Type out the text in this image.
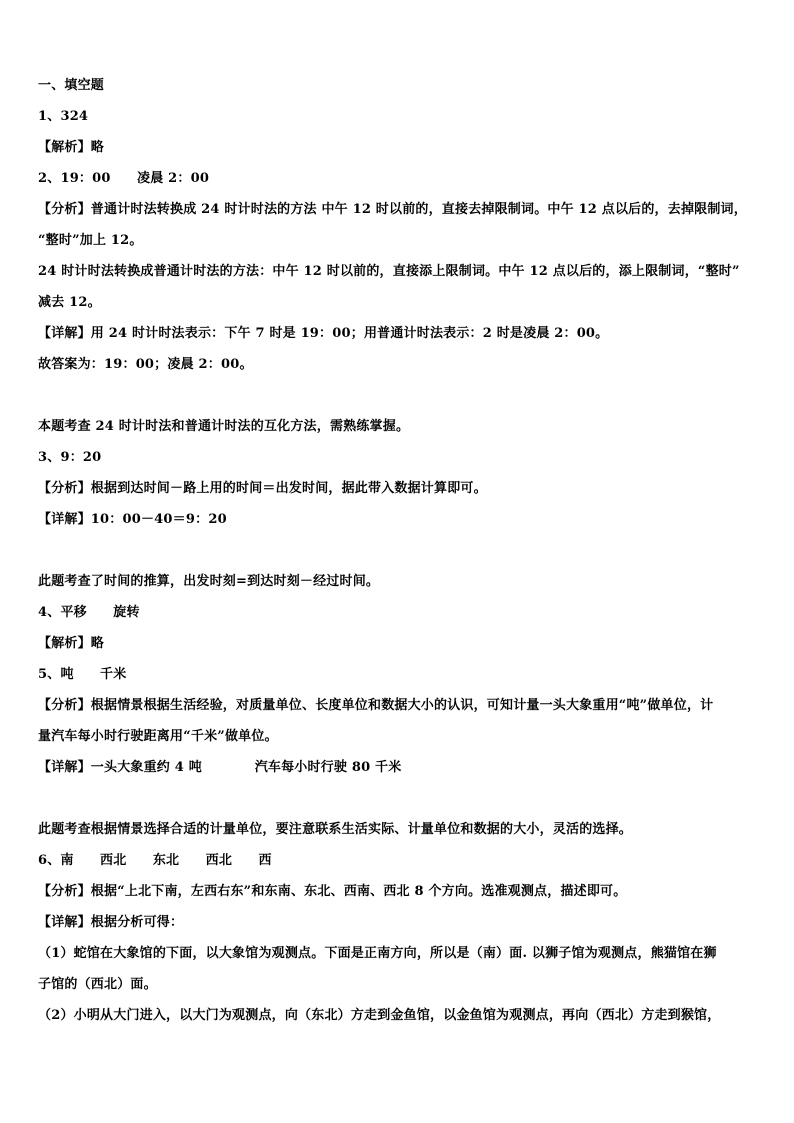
一、填空题
1、324
【解析】略
2、19：00　　凌晨 2：00
【分析】普通计时法转换成 24 时计时法的方法 中午 12 时以前的，直接去掉限制词。中午 12 点以后的，去掉限制词，
“整时”加上 12。
24 时计时法转换成普通计时法的方法：中午 12 时以前的，直接添上限制词。中午 12 点以后的，添上限制词，“整时”
减去 12。
【详解】用 24 时计时法表示：下午 7 时是 19：00；用普通计时法表示：2 时是凌晨 2：00。
故答案为：19：00；凌晨 2：00。
本题考查 24 时计时法和普通计时法的互化方法，需熟练掌握。
3、9：20
【分析】根据到达时间－路上用的时间＝出发时间，据此带入数据计算即可。
【详解】10：00－40＝9：20
此题考查了时间的推算，出发时刻=到达时刻－经过时间。
4、平移　　旋转
【解析】略
5、吨　　千米
【分析】根据情景根据生活经验，对质量单位、长度单位和数据大小的认识，可知计量一头大象重用“吨”做单位，计
量汽车每小时行驶距离用“千米”做单位。
【详解】一头大象重约 4 吨　　　　汽车每小时行驶 80 千米
此题考查根据情景选择合适的计量单位，要注意联系生活实际、计量单位和数据的大小，灵活的选择。
6、南　　西北　　东北　　西北　　西
【分析】根据“上北下南，左西右东”和东南、东北、西南、西北 8 个方向。选准观测点，描述即可。
【详解】根据分析可得：
（1）蛇馆在大象馆的下面，以大象馆为观测点。下面是正南方向，所以是（南）面. 以狮子馆为观测点，熊猫馆在狮
子馆的（西北）面。
（2）小明从大门进入，以大门为观测点，向（东北）方走到金鱼馆，以金鱼馆为观测点，再向（西北）方走到猴馆，
